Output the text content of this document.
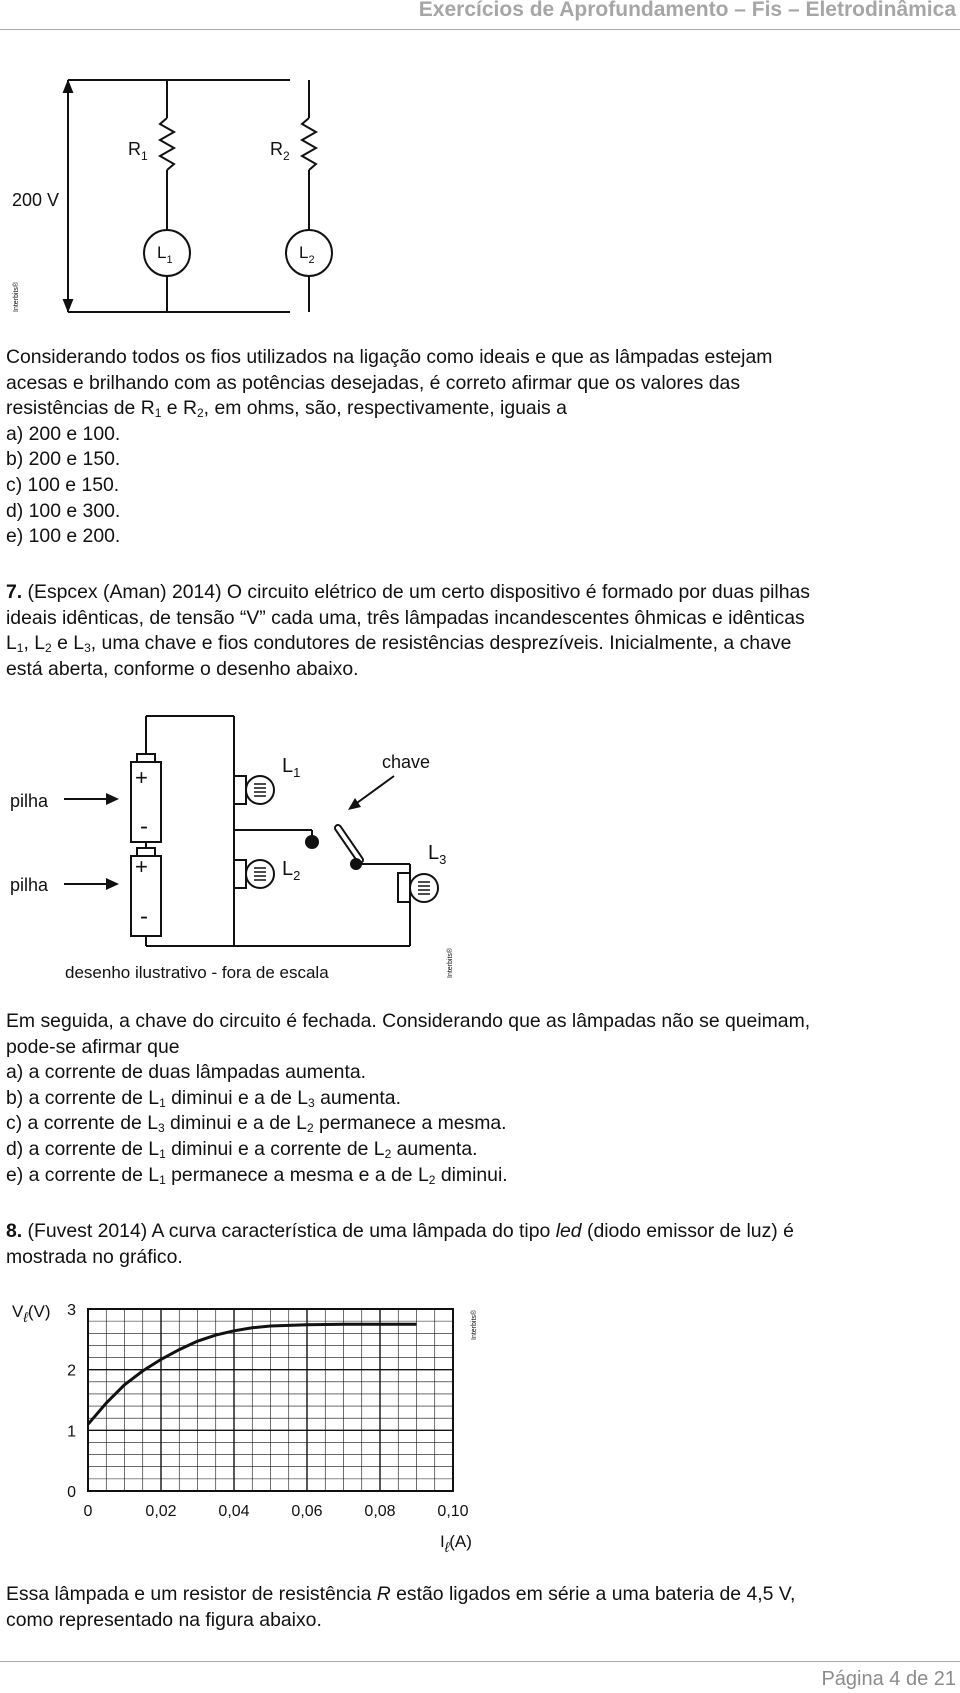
Exercícios de Aprofundamento – Fis – Eletrodinâmica
200 V
$R_1$	$R_2$
$L_1$	$L_2$
Interbits®
Considerando todos os fios utilizados na ligação como ideais e que as lâmpadas estejam
acesas e brilhando com as potências desejadas, é correto afirmar que os valores das
resistências de $R_1$ e $R_2$, em ohms, são, respectivamente, iguais a
a) 200 e 100.
b) 200 e 150.
c) 100 e 150.
d) 100 e 300.
e) 100 e 200.
7. (Espcex (Aman) 2014) O circuito elétrico de um certo dispositivo é formado por duas pilhas
ideais idênticas, de tensão “V” cada uma, três lâmpadas incandescentes ôhmicas e idênticas
$L_1$, $L_2$ e $L_3$, uma chave e fios condutores de resistências desprezíveis. Inicialmente, a chave
está aberta, conforme o desenho abaixo.
pilha
pilha
+
-
+
-
$L_1$
$L_2$
$L_3$
chave
desenho ilustrativo - fora de escala	Interbits®
Em seguida, a chave do circuito é fechada. Considerando que as lâmpadas não se queimam,
pode-se afirmar que
a) a corrente de duas lâmpadas aumenta.
b) a corrente de $L_1$ diminui e a de $L_3$ aumenta.
c) a corrente de $L_3$ diminui e a de $L_2$ permanece a mesma.
d) a corrente de $L_1$ diminui e a corrente de $L_2$ aumenta.
e) a corrente de $L_1$ permanece a mesma e a de $L_2$ diminui.
8. (Fuvest 2014) A curva característica de uma lâmpada do tipo led (diodo emissor de luz) é
mostrada no gráfico.
0	0,02	0,04	0,06	0,08	0,10
0
1
2
3
$V_\ell(V)$
$I_\ell(A)$
Interbits®
Essa lâmpada e um resistor de resistência R estão ligados em série a uma bateria de 4,5 V,
como representado na figura abaixo.
Página 4 de 21
